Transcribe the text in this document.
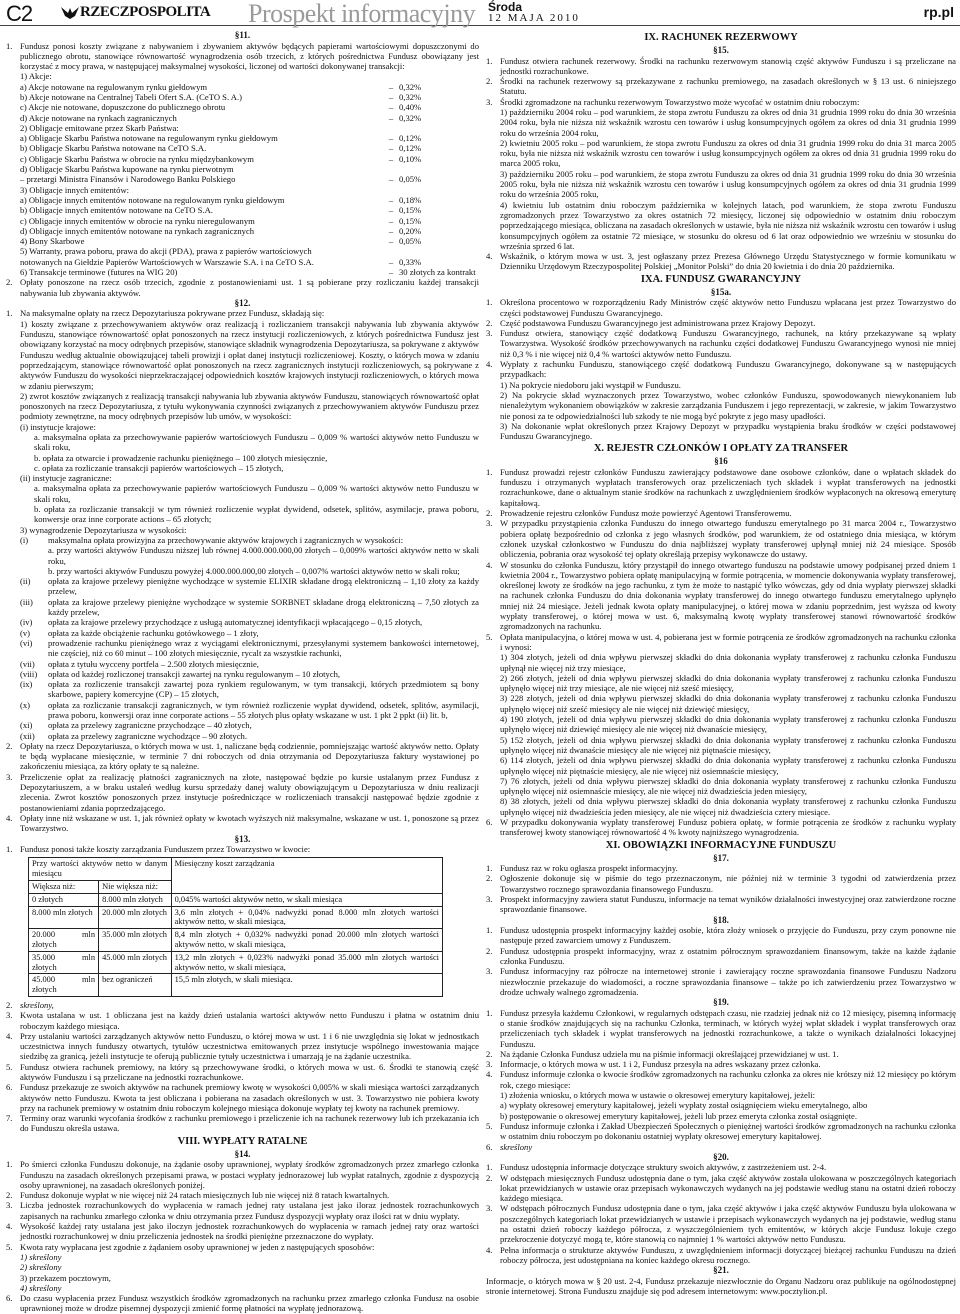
C2	RZECZPOSPOLITA Prospekt informacyjny Środa
12 MAJA 2010	rp.pl
§11.
1. Fundusz ponosi koszty związane z nabywaniem i zbywaniem aktywów będących papierami wartościowymi dopuszczonymi do publicznego obrotu, stanowiące równowartość wynagrodzenia osób trzecich, z których pośrednictwa Fundusz obowiązany jest korzystać z mocy prawa, w następującej maksymalnej wysokości, liczonej od wartości dokonywanej transakcji:
1) Akcje:
a) Akcje notowane na regulowanym rynku giełdowym	– 0,32%
b) Akcje notowane na Centralnej Tabeli Ofert S.A. (CeTO S. A.)	– 0,32%
c) Akcje nie notowane, dopuszczone do publicznego obrotu	– 0,40%
d) Akcje notowane na rynkach zagranicznych	– 0,32%
2) Obligacje emitowane przez Skarb Państwa:
a) Obligacje Skarbu Państwa notowane na regulowanym rynku giełdowym	– 0,12%
b) Obligacje Skarbu Państwa notowane na CeTO S.A.	– 0,12%
c) Obligacje Skarbu Państwa w obrocie na rynku międzybankowym	– 0,10%
d) Obligacje Skarbu Państwa kupowane na rynku pierwotnym
– przetargi Ministra Finansów i Narodowego Banku Polskiego	– 0,05%
3) Obligacje innych emitentów:
a) Obligacje innych emitentów notowane na regulowanym rynku giełdowym	– 0,18%
b) Obligacje innych emitentów notowane na CeTO S.A.	– 0,15%
c) Obligacje innych emitentów w obrocie na rynku nieregulowanym	– 0,15%
d) Obligacje innych emitentów notowane na rynkach zagranicznych	– 0,20%
4) Bony Skarbowe	– 0,05%
5) Warranty, prawa poboru, prawa do akcji (PDA), prawa z papierów wartościowych
notowanych na Giełdzie Papierów Wartościowych w Warszawie S.A. i na CeTO S.A.	– 0,33%
6) Transakcje terminowe (futures na WIG 20)	– 30 złotych za kontrakt
2. Opłaty ponoszone na rzecz osób trzecich, zgodnie z postanowieniami ust. 1 są pobierane przy rozliczaniu każdej transakcji nabywania lub zbywania aktywów.
§12.
1. Na maksymalne opłaty na rzecz Depozytariusza pokrywane przez Fundusz, składają się:
1) koszty związane z przechowywaniem aktywów oraz realizacją i rozliczaniem transakcji nabywania lub zbywania aktywów Funduszu, stanowiące równowartość opłat ponoszonych na rzecz instytucji rozliczeniowych, z których pośrednictwa Fundusz jest obowiązany korzystać na mocy odrębnych przepisów, stanowiące składnik wynagrodzenia Depozytariusza, sa pokrywane z aktywów Funduszu według aktualnie obowiązującej tabeli prowizji i opłat danej instytucji rozliczeniowej. Koszty, o których mowa w zdaniu poprzedzającym, stanowiące równowartość opłat ponoszonych na rzecz zagranicznych instytucji rozliczeniowych, są pokrywane z aktywów Funduszu do wysokości nieprzekraczającej odpowiednich kosztów krajowych instytucji rozliczeniowych, o których mowa w zdaniu pierwszym;
2) zwrot kosztów związanych z realizacją transakcji nabywania lub zbywania aktywów Funduszu, stanowiących równowartość opłat ponoszonych na rzecz Depozytariusza, z tytułu wykonywania czynności związanych z przechowywaniem aktywów Funduszu przez podmioty zewnętrzne, na mocy odrębnych przepisów lub umów, w wysokości:
(i) instytucje krajowe:
a. maksymalna opłata za przechowywanie papierów wartościowych Funduszu – 0,009 % wartości aktywów netto Funduszu w skali roku,
b. opłata za otwarcie i prowadzenie rachunku pieniężnego – 100 złotych miesięcznie,
c. opłata za rozliczanie transakcji papierów wartościowych – 15 złotych,
(ii) instytucje zagraniczne:
a. maksymalna opłata za przechowywanie papierów wartościowych Funduszu – 0,009 % wartości aktywów netto Funduszu w skali roku,
b. opłata za rozliczanie transakcji w tym również rozliczenie wypłat dywidend, odsetek, splitów, asymilacje, prawa poboru, konwersje oraz inne corporate actions – 65 złotych;
3) wynagrodzenie Depozytariusza w wysokości:
(i)	maksymalna opłata prowizyjna za przechowywanie aktywów krajowych i zagranicznych w wysokości:
a. przy wartości aktywów Funduszu niższej lub równej 4.000.000.000,00 złotych – 0,009% wartości aktywów netto w skali roku,
b. przy wartości aktywów Funduszu powyżej 4.000.000.000,00 złotych – 0,007% wartości aktywów netto w skali roku;
(ii)	opłata za krajowe przelewy pieniężne wychodzące w systemie ELIXIR składane drogą elektroniczną – 1,10 złoty za każdy przelew,
(iii)	opłata za krajowe przelewy pieniężne wychodzące w systemie SORBNET składane drogą elektroniczną – 7,50 złotych za każdy przelew,
(iv)	opłata za krajowe przelewy przychodzące z usługą automatycznej identyfikacji wpłacającego – 0,15 złotych,
(v)	opłata za każde obciążenie rachunku gotówkowego – 1 złoty,
(vi)	prowadzenie rachunku pieniężnego wraz z wyciągami elektronicznymi, przesyłanymi systemem bankowości internetowej, nie częściej, niż co 60 minut – 100 złotych miesięcznie, rycalt za wszystkie rachunki,
(vii)	opłata z tytułu wycceny portfela – 2.500 złotych miesięcznie,
(viii)	opłata od każdej rozliczonej transakcji zawartej na rynku regulowanym – 10 złotych,
(ix)	opłata za rozliczenie transakcji zawartej poza rynkiem regulowanym, w tym transakcji, których przedmiotem są bony skarbowe, papiery komercyjne (CP) – 15 złotych,
(x)	opłata za rozliczanie transakcji zagranicznych, w tym również rozliczenie wypłat dywidend, odsetek, splitów, asymilacji, prawa poboru, konwersji oraz inne corporate actions – 55 złotych plus opłaty wskazane w ust. 1 pkt 2 ppkt (ii) lit. b,
(xi)	opłata za przelewy zagraniczne przychodzące – 40 złotych,
(xii)	opłata za przelewy zagraniczne wychodzące – 90 złotych.
2. Opłaty na rzecz Depozytariusza, o których mowa w ust. 1, naliczane będą codziennie, pomniejszając wartość aktywów netto. Opłaty te będą wypłacane miesięcznie, w terminie 7 dni roboczych od dnia otrzymania od Depozytariusza faktury wystawionej po zakończeniu miesiąca, za który opłaty te są należne.
3. Przeliczenie opłat za realizację płatności zagranicznych na złote, następować będzie po kursie ustalanym przez Fundusz z Depozytariuszem, a w braku ustaleń według kursu sprzedaży danej waluty obowiązującym u Depozytariusza w dniu realizacji zlecenia. Zwrot kosztów ponoszonych przez instytucje pośredniczące w rozliczeniach transakcji następować będzie zgodnie z postanowieniami zdania poprzedzającego.
4. Opłaty inne niż wskazane w ust. 1, jak również opłaty w kwotach wyższych niż maksymalne, wskazane w ust. 1, ponoszone są przez Towarzystwo.
§13.
1. Fundusz ponosi także koszty zarządzania Funduszem przez Towarzystwo w kwocie:
Przy wartości aktywów netto w danym miesiącu		Miesięczny koszt zarządzania
Większa niż:	Nie większa niż:	
0 złotych	8.000 mln złotych	0,045% wartości aktywów netto, w skali miesiąca
8.000 mln złotych	20.000 mln złotych	3,6 mln złotych + 0,04% nadwyżki ponad 8.000 mln złotych wartości aktywów netto, w skali miesiąca,
20.000 mln złotych	35.000 mln złotych	8,4 mln złotych + 0,032% nadwyżki ponad 20.000 mln złotych wartości aktywów netto, w skali miesiąca,
35.000 mln złotych	45.000 mln złotych	13,2 mln złotych + 0,023% nadwyżki ponad 35.000 mln złotych wartości aktywów netto, w skali miesiąca,
45.000 mln złotych	bez ograniczeń	15,5 mln złotych, w skali miesiąca.
2. skreślony,
3. Kwota ustalana w ust. 1 obliczana jest na każdy dzień ustalania wartości aktywów netto Funduszu i płatna w ostatnim dniu roboczym każdego miesiąca.
4. Przy ustalaniu wartości zarządzanych aktywów netto Funduszu, o której mowa w ust. 1 i 6 nie uwzględnia się lokat w jednostkach uczestnictwa innych funduszy otwartych, tytułów uczestnictwa emitowanych przez instytucje wspólnego inwestowania mające siedzibę za granicą, jeżeli instytucje te oferują publicznie tytuły uczestnictwa i umarzają je na żądanie uczestnika.
5. Fundusz otwiera rachunek premiowy, na który są przechowywane środki, o których mowa w ust. 6. Środki te stanowią część aktywów Funduszu i są przeliczane na jednostki rozrachunkowe.
6. Fundusz przekazuje ze swoich aktywów na rachunek premiowy kwotę w wysokości 0,005% w skali miesiąca wartości zarządzanych aktywów netto Funduszu. Kwota ta jest obliczana i pobierana na zasadach określonych w ust. 3. Towarzystwo nie pobiera kwoty przy na rachunek premiowy w ostatnim dniu roboczym kolejnego miesiąca dokonuje wypłaty tej kwoty na rachunek premiowy.
7. Terminy oraz warunki wycofania środków z rachunku premiowego i przeliczenie ich na rachunek rezerwowy lub ich przekazania ich do Funduszu określa ustawa.
VIII. WYPŁATY RATALNE
§14.
1. Po śmierci członka Funduszu dokonuje, na żądanie osoby uprawnionej, wypłaty środków zgromadzonych przez zmarłego członka Funduszu na zasadach określonych przepisami prawa, w postaci wypłaty jednorazowej lub wypłat ratalnych, zgodnie z dyspozycją osoby uprawnionej, na zasadach określonych poniżej.
2. Fundusz dokonuje wypłat w nie więcej niż 24 ratach miesięcznych lub nie więcej niż 8 ratach kwartalnych.
3. Liczba jednostek rozrachunkowych do wypłacenia w ramach jednej raty ustalana jest jako iloraz jednostek rozrachunkowych zapisanych na rachunku zmarłego członka w dniu otrzymania przez Fundusz dyspozycji wypłaty oraz ilości rat w dniu wypłaty.
4. Wysokość każdej raty ustalana jest jako iloczyn jednostek rozrachunkowych do wypłacenia w ramach jednej raty oraz wartości jednostki rozrachunkowej w dniu przeliczenia jednostek na środki pieniężne przeznaczone do wypłaty.
5. Kwota raty wypłacana jest zgodnie z żądaniem osoby uprawnionej w jeden z następujących sposobów:
1) skreślony
2) skreślony
3) przekazem pocztowym,
4) skreślony
6. Do czasu wypłacenia przez Fundusz wszystkich środków zgromadzonych na rachunku przez zmarłego członka Fundusz na osobie uprawnionej może w drodze pisemnej dyspozycji zmienić formę płatności na wypłatę jednorazową.
IX. RACHUNEK REZERWOWY
§15.
1. Fundusz otwiera rachunek rezerwowy. Środki na rachunku rezerwowym stanowią część aktywów Funduszu i są przeliczane na jednostki rozrachunkowe.
2. Środki na rachunek rezerwowy są przekazywane z rachunku premiowego, na zasadach określonych w § 13 ust. 6 niniejszego Statutu.
3. Środki zgromadzone na rachunku rezerwowym Towarzystwo może wycofać w ostatnim dniu roboczym:
1) październiku 2004 roku – pod warunkiem, że stopa zwrotu Funduszu za okres od dnia 31 grudnia 1999 roku do dnia 30 września 2004 roku, była nie niższa niż wskaźnik wzrostu cen towarów i usług konsumpcyjnych ogółem za okres od dnia 31 grudnia 1999 roku do września 2004 roku,
2) kwietniu 2005 roku – pod warunkiem, że stopa zwrotu Funduszu za okres od dnia 31 grudnia 1999 roku do dnia 31 marca 2005 roku, była nie niższa niż wskaźnik wzrostu cen towarów i usług konsumpcyjnych ogółem za okres od dnia 31 grudnia 1999 roku do marca 2005 roku,
3) październiku 2005 roku – pod warunkiem, że stopa zwrotu Funduszu za okres od dnia 31 grudnia 1999 roku do dnia 30 września 2005 roku, była nie niższa niż wskaźnik wzrostu cen towarów i usług konsumpcyjnych ogółem za okres od dnia 31 grudnia 1999 roku do września 2005 roku,
4) kwietniu lub ostatnim dniu roboczym października w kolejnych latach, pod warunkiem, że stopa zwrotu Funduszu zgromadzonych przez Towarzystwo za okres ostatnich 72 miesięcy, liczonej się odpowiednio w ostatnim dniu roboczym poprzedzającego miesiąca, obliczana na zasadach określonych w ustawie, była nie niższa niż wskaźnik wzrostu cen towarów i usług konsumpcyjnych ogółem za ostatnie 72 miesiące, w stosunku do okresu od 6 lat oraz odpowiednio we wrześniu w stosunku do września sprzed 6 lat.
4. Wskaźnik, o którym mowa w ust. 3, jest ogłaszany przez Prezesa Głównego Urzędu Statystycznego w formie komunikatu w Dzienniku Urzędowym Rzeczypospolitej Polskiej „Monitor Polski” do dnia 20 kwietnia i do dnia 20 października.
IXA. FUNDUSZ GWARANCYJNY
§15a.
1. Określona procentowo w rozporządzeniu Rady Ministrów część aktywów netto Funduszu wpłacana jest przez Towarzystwo do części podstawowej Funduszu Gwarancyjnego.
2. Część podstawowa Funduszu Gwarancyjnego jest administrowana przez Krajowy Depozyt.
3. Fundusz otwiera, stanowiący część dodatkową Funduszu Gwarancyjnego, rachunek, na który przekazywane są wpłaty Towarzystwa. Wysokość środków przechowywanych na rachunku części dodatkowej Funduszu Gwarancyjnego wynosi nie mniej niż 0,3 % i nie więcej niż 0,4 % wartości aktywów netto Funduszu.
4. Wypłaty z rachunku Funduszu, stanowiącego część dodatkową Funduszu Gwarancyjnego, dokonywane są w następujących przypadkach:
1) Na pokrycie niedoboru jaki wystąpił w Funduszu.
2) Na pokrycie skład wyznaczonych przez Towarzystwo, wobec członków Funduszu, spowodowanych niewykonaniem lub nienależytym wykonaniem obowiązków w zakresie zarządzania Funduszem i jego reprezentacji, w zakresie, w jakim Towarzystwo nie ponosi za te odpowiedzialności lub szkody te nie mogą być pokryte z jego masy upadłości.
3) Na dokonanie wpłat określonych przez Krajowy Depozyt w przypadku wystąpienia braku środków w części podstawowej Funduszu Gwarancyjnego.
X. REJESTR CZŁONKÓW I OPŁATY ZA TRANSFER
§16
1. Fundusz prowadzi rejestr członków Funduszu zawierający podstawowe dane osobowe członków, dane o wpłatach składek do funduszu i otrzymanych wypłatach transferowych oraz przeliczeniach tych składek i wypłat transferowych na jednostki rozrachunkowe, dane o aktualnym stanie środków na rachunkach z uwzględnieniem środków wypłaconych na okresową emeryturę kapitałową.
2. Prowadzenie rejestru członków Fundusz może powierzyć Agentowi Transferowemu.
3. W przypadku przystąpienia członka Funduszu do innego otwartego funduszu emerytalnego po 31 marca 2004 r., Towarzystwo pobiera opłatę bezpośrednio od członka z jego własnych środków, pod warunkiem, że od ostatniego dnia miesiąca, w którym członek uzyskał członkostwo w Funduszu do dnia najbliższej wypłaty transferowej upłynął mniej niż 24 miesiące. Sposób obliczenia, pobrania oraz wysokość tej opłaty określają przepisy wykonawcze do ustawy.
4. W stosunku do członka Funduszu, który przystąpił do innego otwartego funduszu na podstawie umowy podpisanej przed dniem 1 kwietnia 2004 r., Towarzystwo pobiera opłatę manipulacyjną w formie potrącenia, w momencie dokonywania wypłaty transferowej, określonej kwoty ze środków na jego rachunku, z tym że może to nastąpić tylko wówczas, gdy od dnia wypłaty pierwszej składki na rachunek członka Funduszu do dnia dokonania wypłaty transferowej do innego otwartego funduszu emerytalnego upłynęło mniej niż 24 miesiące. Jeżeli jednak kwota opłaty manipulacyjnej, o której mowa w zdaniu poprzednim, jest wyższa od kwoty wypłaty transferowej, o której mowa w ust. 6, maksymalną kwotę wypłaty transferowej stanowi równowartość środków zgromadzonych na rachunku.
5. Opłata manipulacyjna, o której mowa w ust. 4, pobierana jest w formie potrącenia ze środków zgromadzonych na rachunku członka i wynosi:
1) 304 złotych, jeżeli od dnia wpływu pierwszej składki do dnia dokonania wypłaty transferowej z rachunku członka Funduszu upłynął nie więcej niż trzy miesiące,
2) 266 złotych, jeżeli od dnia wpływu pierwszej składki do dnia dokonania wypłaty transferowej z rachunku członka Funduszu upłynęło więcej niż trzy miesiące, ale nie więcej niż sześć miesięcy,
3) 228 złotych, jeżeli od dnia wpływu pierwszej składki do dnia dokonania wypłaty transferowej z rachunku członka Funduszu upłynęło więcej niż sześć miesięcy ale nie więcej niż dziewięć miesięcy,
4) 190 złotych, jeżeli od dnia wpływu pierwszej składki do dnia dokonania wypłaty transferowej z rachunku członka Funduszu upłynęło więcej niż dziewięć miesięcy ale nie więcej niż dwanaście miesięcy,
5) 152 złotych, jeżeli od dnia wpływu pierwszej składki do dnia dokonania wypłaty transferowej z rachunku członka Funduszu upłynęło więcej niż dwanaście miesięcy ale nie więcej niż piętnaście miesięcy,
6) 114 złotych, jeżeli od dnia wpływu pierwszej składki do dnia dokonania wypłaty transferowej z rachunku członka Funduszu upłynęło więcej niż piętnaście miesięcy, ale nie więcej niż osiemnaście miesięcy,
7) 76 złotych, jeżeli od dnia wpływu pierwszej składki do dnia dokonania wypłaty transferowej z rachunku członka Funduszu upłynęło więcej niż osiemnaście miesięcy, ale nie więcej niż dwadzieścia jeden miesięcy,
8) 38 złotych, jeżeli od dnia wpływu pierwszej składki do dnia dokonania wypłaty transferowej z rachunku członka Funduszu upłynęło więcej niż dwadzieścia jeden miesięcy, ale nie więcej niż dwadzieścia cztery miesiące.
6. W przypadku dokonywania wypłaty transferowej Fundusz pobiera opłatę, w formie potrącenia ze środków z rachunku wypłaty transferowej kwoty stanowiącej równowartość 4 % kwoty najniższego wynagrodzenia.
XI. OBOWIĄZKI INFORMACYJNE FUNDUSZU
§17.
1. Fundusz raz w roku ogłasza prospekt informacyjny.
2. Ogłoszenie dokonuje się w piśmie do tego przeznaczonym, nie później niż w terminie 3 tygodni od zatwierdzenia przez Towarzystwo rocznego sprawozdania finansowego Funduszu.
3. Prospekt informacyjny zawiera statut Funduszu, informacje na temat wyników działalności inwestycyjnej oraz zatwierdzone roczne sprawozdanie finansowe.
§18.
1. Fundusz udostępnia prospekt informacyjny każdej osobie, która złoży wniosek o przyjęcie do Funduszu, przy czym ponowne nie następuje przed zawarciem umowy z Funduszem.
2. Fundusz udostępnia prospekt informacyjny, wraz z ostatnim półrocznym sprawozdaniem finansowym, także na każde żądanie członka Funduszu.
3. Fundusz informacyjny raz półrocze na internetowej stronie i zawierający roczne sprawozdania finansowe Funduszu Nadzoru niezwłocznie przekazuje do wiadomości, a roczne sprawozdania finansowe – także po ich zatwierdzeniu przez Towarzystwo w drodze uchwały walnego zgromadzenia.
§19.
1. Fundusz przesyła każdemu Członkowi, w regularnych odstępach czasu, nie rzadziej jednak niż co 12 miesięcy, pisemną informację o stanie środków znajdujących się na rachunku Członka, terminach, w których wyżej wpłat składek i wypłat transferowych oraz przeliczeniach tych składek i wypłat transferowych na jednostki rozrachunkowe, a także o wynikach działalności lokacyjnej Funduszu.
2. Na żądanie Członka Fundusz udziela mu na piśmie informacji określającej przewidzianej w ust. 1.
3. Informacje, o których mowa w ust. 1 i 2, Fundusz przesyła na adres wskazany przez członka.
4. Fundusz informuje członka o kwocie środków zgromadzonych na rachunku członka za okres nie krótszy niż 12 miesięcy po którym rok, czego miesiące:
1) złożenia wniosku, o których mowa w ustawie o okresowej emerytury kapitałowej, jeżeli:
a) wypłaty okresowej emerytury kapitałowej, jeżeli wypłaty został osiągnięciem wieku emerytalnego, albo
b) postępowanie o okresowej emerytury kapitałowej, jeżeli lub przez emeryta członka został osiągnięte.
5. Fundusz informuje członka i Zakład Ubezpieczeń Społecznych o pieniężnej wartości środków zgromadzonych na rachunku członka w ostatnim dniu roboczym po dokonaniu ostatniej wypłaty okresowej emerytury kapitałowej.
6. skreślony
§20.
1. Fundusz udostępnia informacje dotyczące struktury swoich aktywów, z zastrzeżeniem ust. 2-4.
2. W odstępach miesięcznych Fundusz udostępnia dane o tym, jaka część aktywów została ulokowana w poszczególnych kategoriach lokat przewidzianych w ustawie oraz przepisach wykonawczych wydanych na jej podstawie według stanu na ostatni dzień roboczy każdego miesiąca.
3. W odstępach półrocznych Fundusz udostępnia dane o tym, jaka część aktywów i jaka część aktywów Funduszu była ulokowana w poszczególnych kategoriach lokat przewidzianych w ustawie i przepisach wykonawczych wydanych na jej podstawie, według stanu na ostatni dzień roboczy każdego półrocza, z wyszczególnieniem tych emitentów, w których akcje Fundusz lokuje czego przekroczenie dotyczyć mogą te, które stanowią co najmniej 1 % wartości aktywów netto Funduszu.
4. Pełna informacja o strukturze aktywów Funduszu, z uwzględnieniem informacji dotyczącej bieżącej rachunku Funduszu na dzień roboczy półrocza, jest udostępniana na koniec każdego okresu rocznego.
§21.
Informacje, o których mowa w § 20 ust. 2-4, Fundusz przekazuje niezwłocznie do Organu Nadzoru oraz publikuje na ogólnodostępnej stronie internetowej. Strona Funduszu znajduje się pod adresem internetowym: www.pocztylion.pl.
